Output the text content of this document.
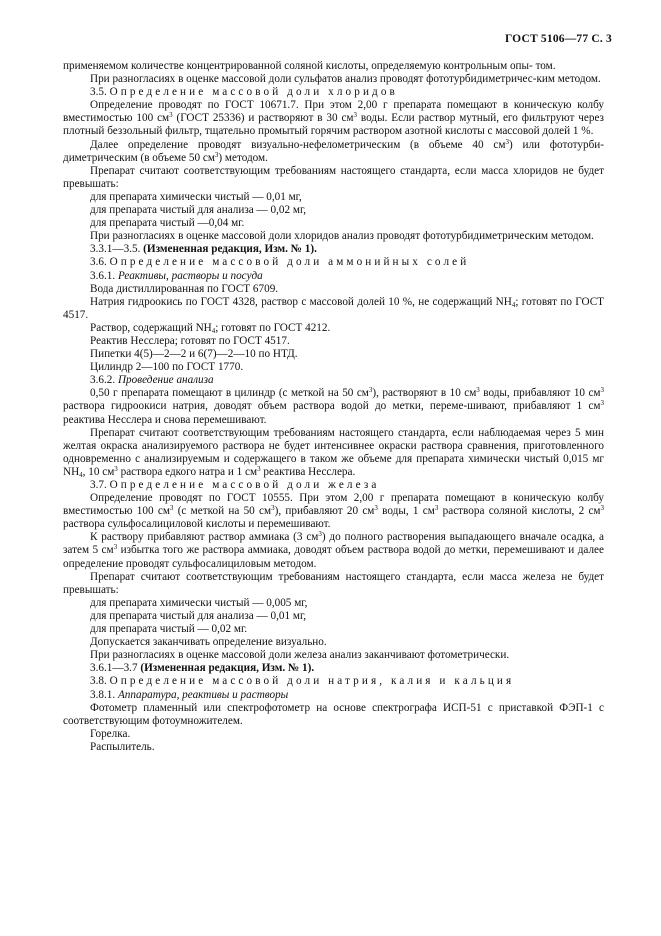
ГОСТ 5106—77 С. 3

применяемом количестве концентрированной соляной кислоты, определяемую контрольным опы- том.

При разногласиях в оценке массовой доли сульфатов анализ проводят фототурбидиметричес-ким методом.

3.5. Определение массовой доли хлоридов

Определение проводят по ГОСТ 10671.7. При этом 2,00 г препарата помещают в коническую колбу вместимостью 100 $см^3$ (ГОСТ 25336) и растворяют в 30 $см^3$ воды. Если раствор мутный, его фильтруют через плотный беззольный фильтр, тщательно промытый горячим раствором азотной кислоты с массовой долей 1 %.

Далее определение проводят визуально-нефелометрическим (в объеме 40 $см^3$) или фототурби-диметрическим (в объеме 50 $см^3$) методом.

Препарат считают соответствующим требованиям настоящего стандарта, если масса хлоридов не будет превышать:

для препарата химически чистый — 0,01 мг,

для препарата чистый для анализа — 0,02 мг,

для препарата чистый —0,04 мг.

При разногласиях в оценке массовой доли хлоридов анализ проводят фототурбидиметрическим методом.

3.3.1—3.5. (Измененная редакция, Изм. № 1).

3.6. Определение массовой доли аммонийных солей

3.6.1. Реактивы, растворы и посуда

Вода дистиллированная по ГОСТ 6709.

Натрия гидроокись по ГОСТ 4328, раствор с массовой долей 10 %, не содержащий $NH_4$; готовят по ГОСТ 4517.

Раствор, содержащий $NH_4$; готовят по ГОСТ 4212.

Реактив Несслера; готовят по ГОСТ 4517.

Пипетки 4(5)—2—2 и 6(7)—2—10 по НТД.

Цилиндр 2—100 по ГОСТ 1770.

3.6.2. Проведение анализа

0,50 г препарата помещают в цилиндр (с меткой на 50 $см^3$), растворяют в 10 $см^3$ воды, прибавляют 10 $см^3$ раствора гидроокиси натрия, доводят объем раствора водой до метки, переме-шивают, прибавляют 1 $см^3$ реактива Несслера и снова перемешивают.

Препарат считают соответствующим требованиям настоящего стандарта, если наблюдаемая через 5 мин желтая окраска анализируемого раствора не будет интенсивнее окраски раствора сравнения, приготовленного одновременно с анализируемым и содержащего в таком же объеме для препарата химически чистый 0,015 мг $NH_4$, 10 $см^3$ раствора едкого натра и 1 $см^3$ реактива Несслера.

3.7. Определение массовой доли железа

Определение проводят по ГОСТ 10555. При этом 2,00 г препарата помещают в коническую колбу вместимостью 100 $см^3$ (с меткой на 50 $см^3$), прибавляют 20 $см^3$ воды, 1 $см^3$ раствора соляной кислоты, 2 $см^3$ раствора сульфосалициловой кислоты и перемешивают.

К раствору прибавляют раствор аммиака (3 $см^3$) до полного растворения выпадающего вначале осадка, а затем 5 $см^3$ избытка того же раствора аммиака, доводят объем раствора водой до метки, перемешивают и далее определение проводят сульфосалициловым методом.

Препарат считают соответствующим требованиям настоящего стандарта, если масса железа не будет превышать:

для препарата химически чистый — 0,005 мг,

для препарата чистый для анализа — 0,01 мг,

для препарата чистый — 0,02 мг.

Допускается заканчивать определение визуально.

При разногласиях в оценке массовой доли железа анализ заканчивают фотометрически.

3.6.1—3.7 (Измененная редакция, Изм. № 1).

3.8. Определение массовой доли натрия, калия и кальция

3.8.1. Аппаратура, реактивы и растворы

Фотометр пламенный или спектрофотометр на основе спектрографа ИСП-51 с приставкой ФЭП-1 с соответствующим фотоумножителем.

Горелка.

Распылитель.
